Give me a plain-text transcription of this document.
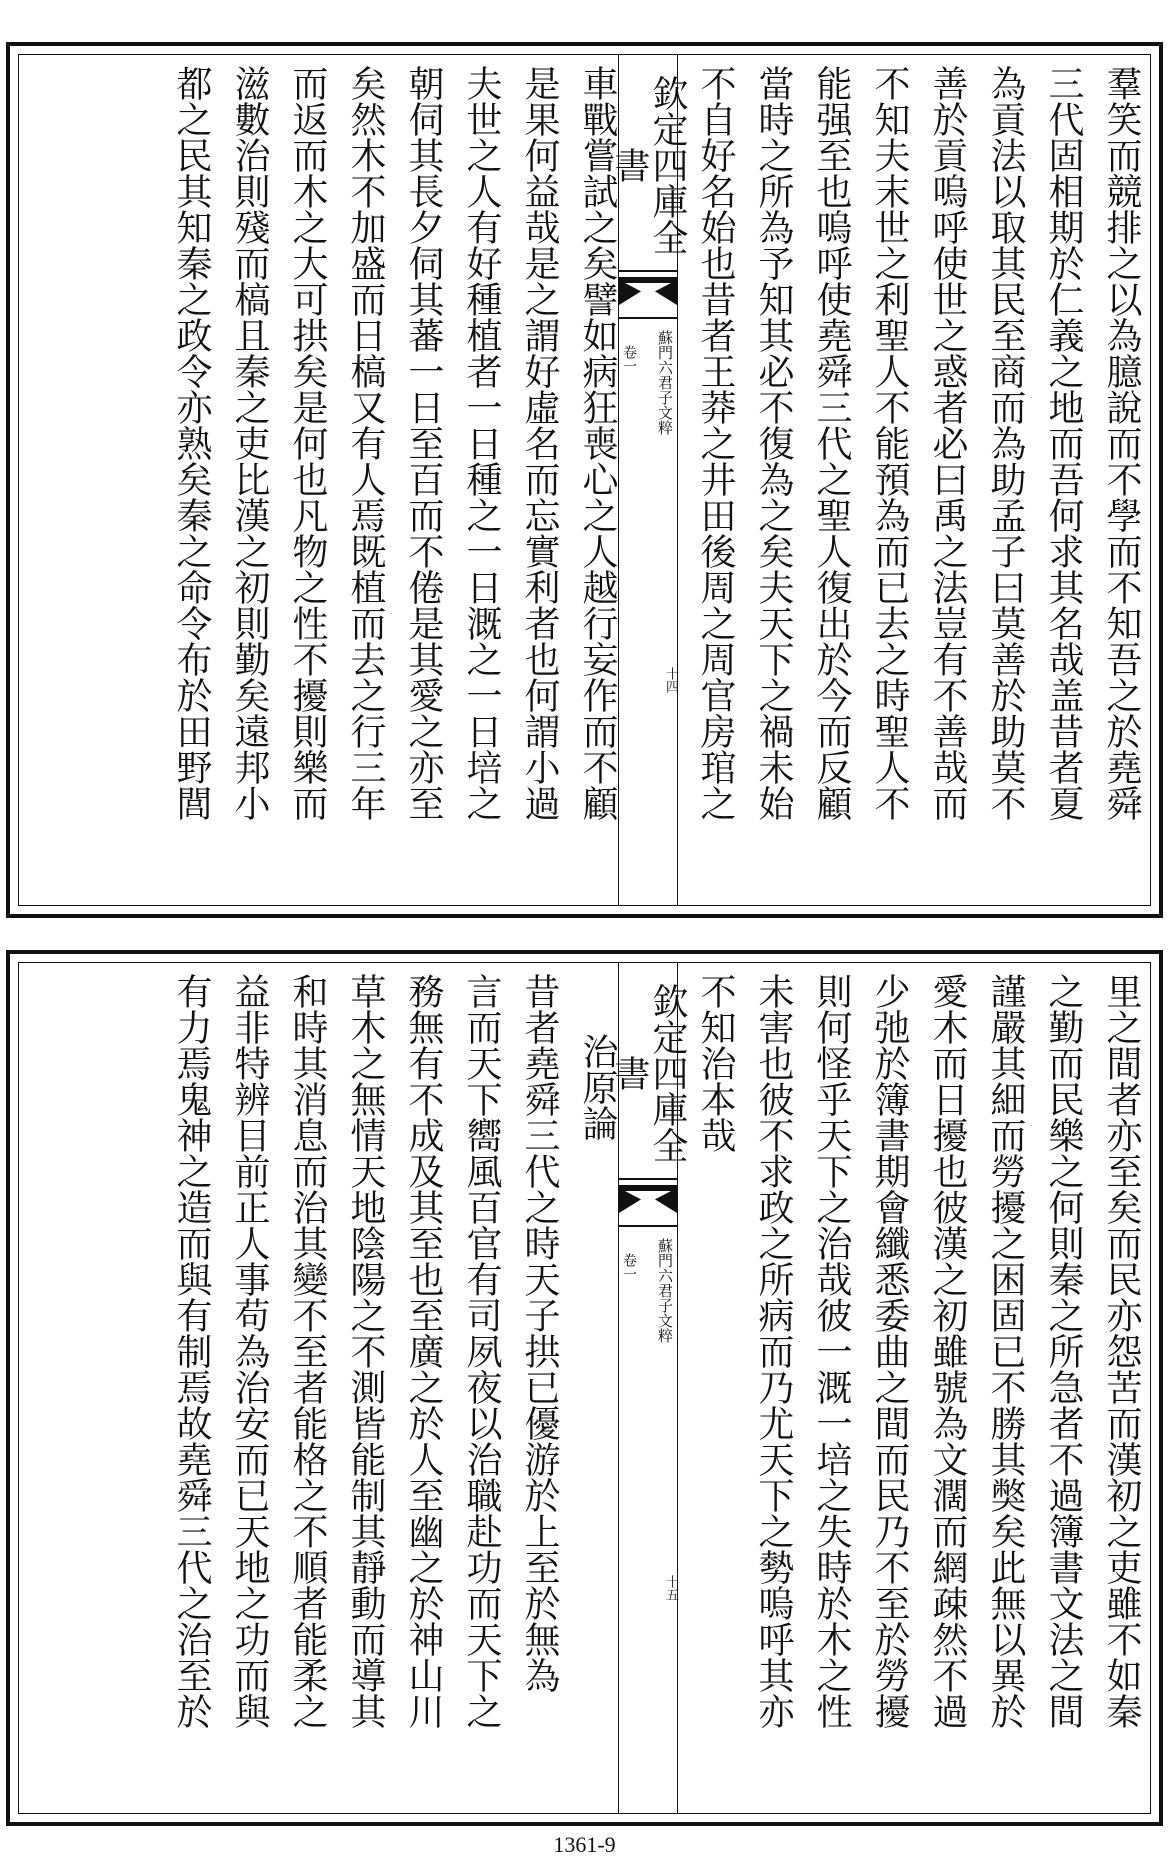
羣笑而競排之以為臆說而不學而不知吾之於堯舜
三代固相期於仁義之地而吾何求其名哉盖昔者夏
為貢法以取其民至商而為助孟子曰莫善於助莫不
善於貢嗚呼使世之惑者必曰禹之法豈有不善哉而
不知夫末世之利聖人不能預為而已去之時聖人不
能强至也嗚呼使堯舜三代之聖人復出於今而反顧
當時之所為予知其必不復為之矣夫天下之禍未始
不自好名始也昔者王莽之井田後周之周官房琯之
欽定四庫全書
蘇門六君子文粹
卷一
十四
車戰嘗試之矣譬如病狂喪心之人越行妄作而不顧
是果何益哉是之謂好虛名而忘實利者也何謂小過
夫世之人有好種植者一日種之一日溉之一日培之
朝伺其長夕伺其蕃一日至百而不倦是其愛之亦至
矣然木不加盛而日槁又有人焉既植而去之行三年
而返而木之大可拱矣是何也凡物之性不擾則樂而
滋數治則殘而槁且秦之吏比漢之初則勤矣遠邦小
都之民其知秦之政令亦熟矣秦之命令布於田野閭
里之間者亦至矣而民亦怨苦而漢初之吏雖不如秦
之勤而民樂之何則秦之所急者不過簿書文法之間
謹嚴其細而勞擾之困固已不勝其獘矣此無以異於
愛木而日擾也彼漢之初雖號為文濶而網疎然不過
少弛於簿書期會纖悉委曲之間而民乃不至於勞擾
則何怪乎天下之治哉彼一溉一培之失時於木之性
未害也彼不求政之所病而乃尤天下之勢嗚呼其亦
不知治本哉
欽定四庫全書
蘇門六君子文粹
卷一
十五
治原論
昔者堯舜三代之時天子拱已優游於上至於無為
言而天下嚮風百官有司夙夜以治職赴功而天下之
務無有不成及其至也至廣之於人至幽之於神山川
草木之無情天地陰陽之不測皆能制其靜動而導其
和時其消息而治其變不至者能格之不順者能柔之
益非特辨目前正人事苟為治安而已天地之功而與
有力焉鬼神之造而與有制焉故堯舜三代之治至於
1361-9
